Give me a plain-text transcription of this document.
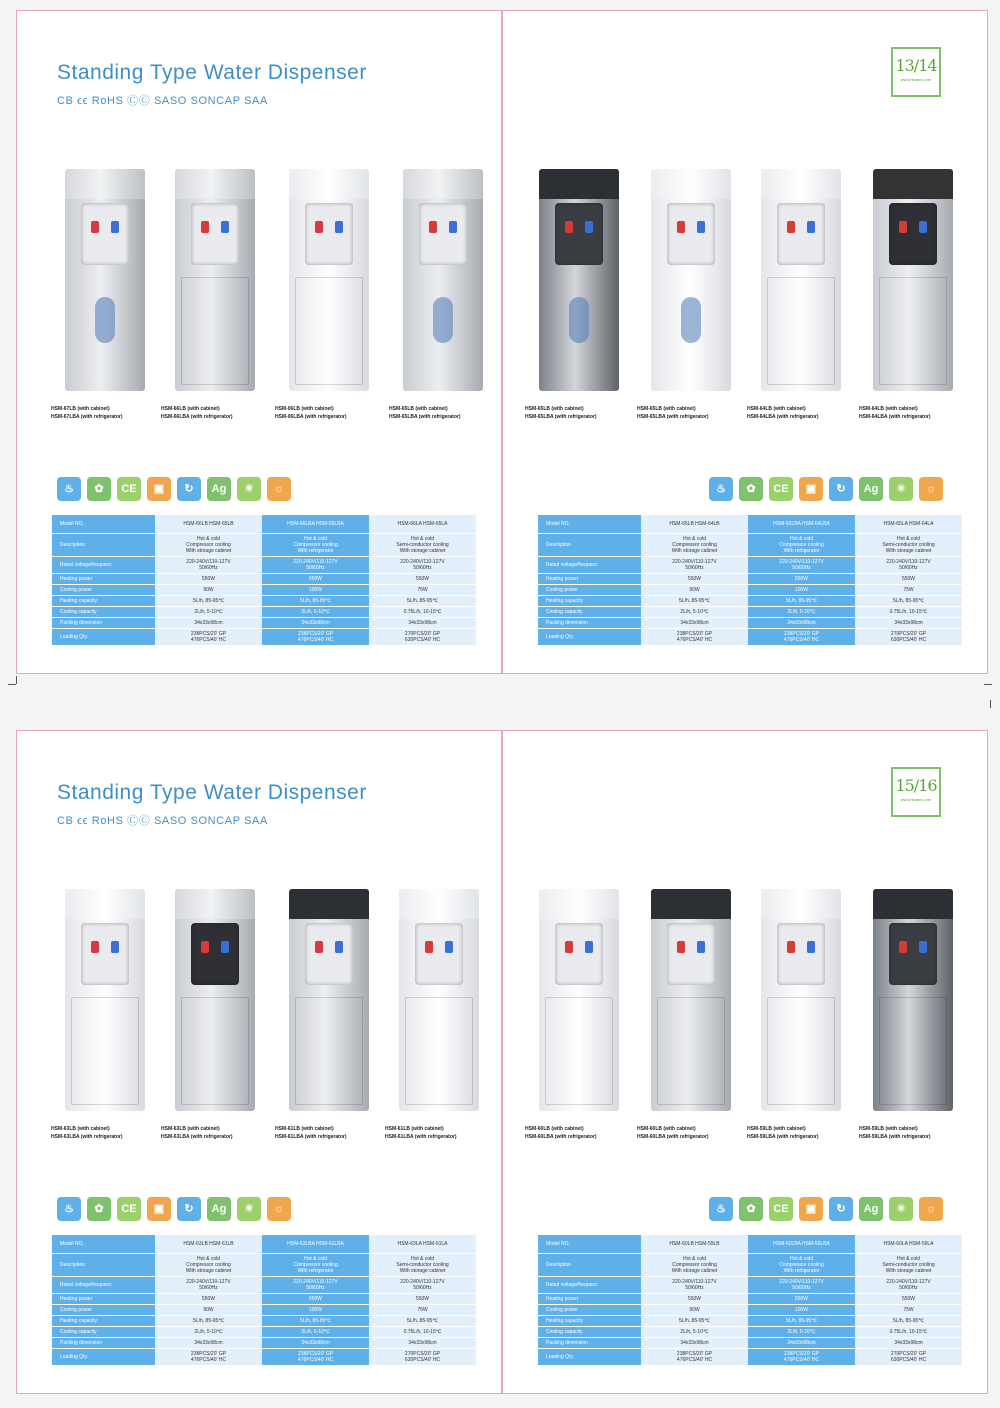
Standing Type Water Dispenser
CB ϵϵ RoHS ⒸⒸ SASO SONCAP SAA
HSM-67LB (with cabinet)
HSM-67LBA (with refrigerator)
HSM-66LB (with cabinet)
HSM-66LBA (with refrigerator)
HSM-06LB (with cabinet)
HSM-06LBA (with refrigerator)
HSM-65LB (with cabinet)
HSM-65LBA (with refrigerator)
♨ ✿ CE ▣ ↻ Ag ☀ ☼
Model NO.	HSM-66LB HSM-65LB	HSM-66LBA HSM-65LBA	HSM-66LA HSM-65LA
Description	Hot & cold
Compressor cooling
With storage cabinet	Hot & cold
Compressor cooling
With refrigerator	Hot & cold
Semi-conductor cooling
With storage cabinet
Rated voltage/frequenc	220-240V/110-127V
50/60Hz	220-240V/110-127V
50/60Hz	220-240V/110-127V
50/60Hz
Heating power	550W	550W	550W
Cooling power	90W	100W	75W
Heating capacity	5L/h, 85-95℃	5L/h, 85-95℃	5L/h, 85-95℃
Cooling capacity	2L/h, 5-10℃	2L/h, 5-10℃	0.75L/h, 10-15℃
Packing dimension	34x33x98cm	34x33x98cm	34x33x98cm
Loading Qty.	238PCS/20' GP
476PCS/40' HC	238PCS/20' GP
476PCS/40' HC	270PCS/20' GP
630PCS/40' HC
13/14
www.heame.com
HSM-65LB (with cabinet)
HSM-65LBA (with refrigerator)
HSM-65LB (with cabinet)
HSM-65LBA (with refrigerator)
HSM-64LB (with cabinet)
HSM-64LBA (with refrigerator)
HSM-64LB (with cabinet)
HSM-64LBA (with refrigerator)
♨ ✿ CE ▣ ↻ Ag ☀ ☼
Model NO.	HSM-65LB HSM-64LB	HSM-65LBA HSM-64LBA	HSM-65LA HSM-64LA
Description	Hot & cold
Compressor cooling
With storage cabinet	Hot & cold
Compressor cooling
With refrigerator	Hot & cold
Semi-conductor cooling
With storage cabinet
Rated voltage/frequenc	220-240V/110-127V
50/60Hz	220-240V/110-127V
50/60Hz	220-240V/110-127V
50/60Hz
Heating power	550W	550W	550W
Cooling power	90W	100W	75W
Heating capacity	5L/h, 85-95℃	5L/h, 85-95℃	5L/h, 85-95℃
Cooling capacity	2L/h, 5-10℃	2L/h, 5-10℃	0.75L/h, 10-15℃
Packing dimension	34x33x98cm	34x33x98cm	34x33x98cm
Loading Qty.	238PCS/20' GP
476PCS/40' HC	238PCS/20' GP
476PCS/40' HC	270PCS/20' GP
630PCS/40' HC
Standing Type Water Dispenser
CB ϵϵ RoHS ⒸⒸ SASO SONCAP SAA
HSM-63LB (with cabinet)
HSM-63LBA (with refrigerator)
HSM-63LB (with cabinet)
HSM-63LBA (with refrigerator)
HSM-61LB (with cabinet)
HSM-61LBA (with refrigerator)
HSM-61LB (with cabinet)
HSM-61LBA (with refrigerator)
♨ ✿ CE ▣ ↻ Ag ☀ ☼
Model NO.	HSM-63LB HSM-61LB	HSM-63LBA HSM-61LBA	HSM-63LA HSM-61LA
Description	Hot & cold
Compressor cooling
With storage cabinet	Hot & cold
Compressor cooling
With refrigerator	Hot & cold
Semi-conductor cooling
With storage cabinet
Rated voltage/frequenc	220-240V/110-127V
50/60Hz	220-240V/110-127V
50/60Hz	220-240V/110-127V
50/60Hz
Heating power	550W	550W	550W
Cooling power	90W	100W	75W
Heating capacity	5L/h, 85-95℃	5L/h, 85-95℃	5L/h, 85-95℃
Cooling capacity	2L/h, 5-10℃	2L/h, 5-10℃	0.75L/h, 10-15℃
Packing dimension	34x33x98cm	34x33x98cm	34x33x98cm
Loading Qty.	238PCS/20' GP
476PCS/40' HC	238PCS/20' GP
476PCS/40' HC	270PCS/20' GP
630PCS/40' HC
15/16
www.heame.com
HSM-60LB (with cabinet)
HSM-60LBA (with refrigerator)
HSM-60LB (with cabinet)
HSM-60LBA (with refrigerator)
HSM-59LB (with cabinet)
HSM-59LBA (with refrigerator)
HSM-59LB (with cabinet)
HSM-59LBA (with refrigerator)
♨ ✿ CE ▣ ↻ Ag ☀ ☼
Model NO.	HSM-60LB HSM-59LB	HSM-60LBA HSM-59LBA	HSM-60LA HSM-59LA
Description	Hot & cold
Compressor cooling
With storage cabinet	Hot & cold
Compressor cooling
With refrigerator	Hot & cold
Semi-conductor cooling
With storage cabinet
Rated voltage/frequenc	220-240V/110-127V
50/60Hz	220-240V/110-127V
50/60Hz	220-240V/110-127V
50/60Hz
Heating power	550W	550W	550W
Cooling power	90W	100W	75W
Heating capacity	5L/h, 85-95℃	5L/h, 85-95℃	5L/h, 85-95℃
Cooling capacity	2L/h, 5-10℃	2L/h, 5-10℃	0.75L/h, 10-15℃
Packing dimension	34x33x98cm	34x33x98cm	34x33x98cm
Loading Qty.	238PCS/20' GP
476PCS/40' HC	238PCS/20' GP
476PCS/40' HC	270PCS/20' GP
630PCS/40' HC
